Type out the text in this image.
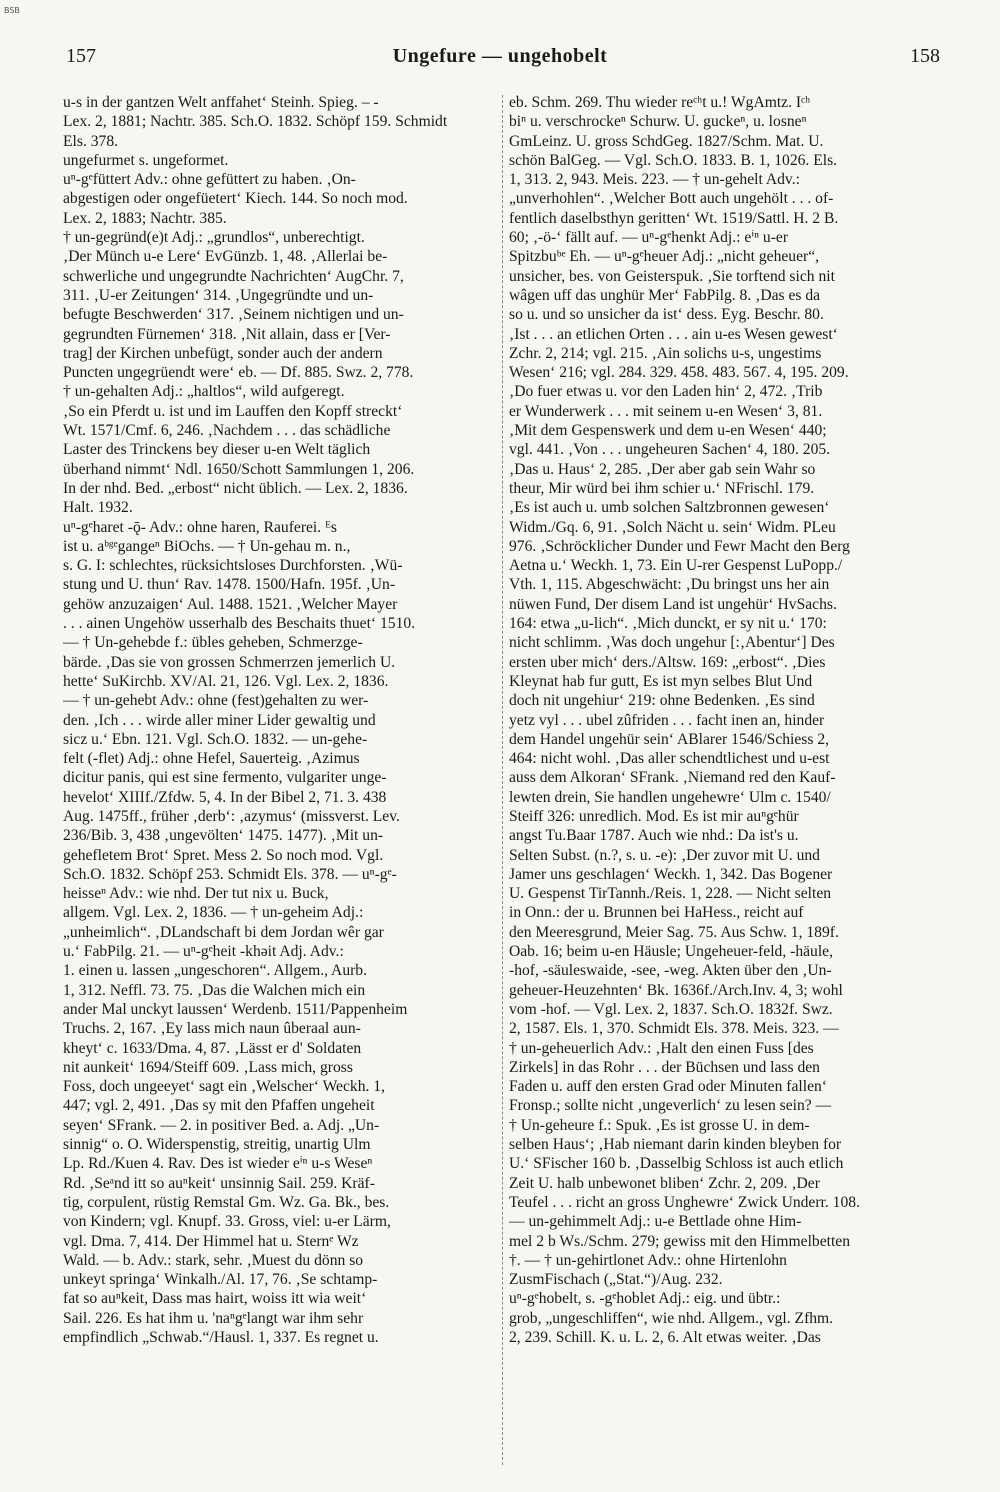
BSB
157	Ungefure — ungehobelt	158
u-s in der gantzen Welt anffahet‘ Steinh. Spieg. – -
Lex. 2, 1881; Nachtr. 385. Sch.O. 1832. Schöpf 159. Schmidt
Els. 378.
ungefurmet s. ungeformet.
uⁿ-gᵉfüttert Adv.: ohne gefüttert zu haben. ‚On-
abgestigen oder ongefüetert‘ Kiech. 144. So noch mod.
Lex. 2, 1883; Nachtr. 385.
† un-gegründ(e)t Adj.: „grundlos“, unberechtigt.
‚Der Münch u-e Lere‘ EvGünzb. 1, 48. ‚Allerlai be-
schwerliche und ungegrundte Nachrichten‘ AugChr. 7,
311. ‚U-er Zeitungen‘ 314. ‚Ungegründte und un-
befugte Beschwerden‘ 317. ‚Seinem nichtigen und un-
gegrundten Fürnemen‘ 318. ‚Nit allain, dass er [Ver-
trag] der Kirchen unbefügt, sonder auch der andern
Puncten ungegrüendt were‘ eb. — Df. 885. Swz. 2, 778.
† un-gehalten Adj.: „haltlos“, wild aufgeregt.
‚So ein Pferdt u. ist und im Lauffen den Kopff streckt‘
Wt. 1571/Cmf. 6, 246. ‚Nachdem . . . das schädliche
Laster des Trinckens bey dieser u-en Welt täglich
überhand nimmt‘ Ndl. 1650/Schott Sammlungen 1, 206.
In der nhd. Bed. „erbost“ nicht üblich. — Lex. 2, 1836.
Halt. 1932.
uⁿ-gᵉharet -ǭ- Adv.: ohne haren, Rauferei. ᴱs
ist u. aᵇᵍᵉgangeⁿ BiOchs. — † Un-gehau m. n.,
s. G. I: schlechtes, rücksichtsloses Durchforsten. ‚Wü-
stung und U. thun‘ Rav. 1478. 1500/Hafn. 195f. ‚Un-
gehöw anzuzaigen‘ Aul. 1488. 1521. ‚Welcher Mayer
. . . ainen Ungehöw usserhalb des Beschaits thuet‘ 1510.
— † Un-gehebde f.: übles geheben, Schmerzge-
bärde. ‚Das sie von grossen Schmerrzen jemerlich U.
hette‘ SuKirchb. XV/Al. 21, 126. Vgl. Lex. 2, 1836.
— † un-gehebt Adv.: ohne (fest)gehalten zu wer-
den. ‚Ich . . . wirde aller miner Lider gewaltig und
sicz u.‘ Ebn. 121. Vgl. Sch.O. 1832. — un-gehe-
felt (-flet) Adj.: ohne Hefel, Sauerteig. ‚Azimus
dicitur panis, qui est sine fermento, vulgariter unge-
hevelot‘ XIIIf./Zfdw. 5, 4. In der Bibel 2, 71. 3. 438
Aug. 1475ff., früher ‚derb‘: ‚azymus‘ (missverst. Lev.
236/Bib. 3, 438 ‚ungevölten‘ 1475. 1477). ‚Mit un-
gehefletem Brot‘ Spret. Mess 2. So noch mod. Vgl.
Sch.O. 1832. Schöpf 253. Schmidt Els. 378. — uⁿ-gᵉ-
heisseⁿ Adv.: wie nhd. Der tut nix u. Buck,
allgem. Vgl. Lex. 2, 1836. — † un-geheim Adj.:
„unheimlich“. ‚DLandschaft bi dem Jordan wêr gar
u.‘ FabPilg. 21. — uⁿ-gᵉheit -khəit Adj. Adv.:
1. einen u. lassen „ungeschoren“. Allgem., Aurb.
1, 312. Neffl. 73. 75. ‚Das die Walchen mich ein
ander Mal unckyt laussen‘ Werdenb. 1511/Pappenheim
Truchs. 2, 167. ‚Ey lass mich naun ûberaal aun-
kheyt‘ c. 1633/Dma. 4, 87. ‚Lässt er d' Soldaten
nit aunkeit‘ 1694/Steiff 609. ‚Lass mich, gross
Foss, doch ungeeyet‘ sagt ein ‚Welscher‘ Weckh. 1,
447; vgl. 2, 491. ‚Das sy mit den Pfaffen ungeheit
seyen‘ SFrank. — 2. in positiver Bed. a. Adj. „Un-
sinnig“ o. O. Widerspenstig, streitig, unartig Ulm
Lp. Rd./Kuen 4. Rav. Des ist wieder eⁱⁿ u-s Weseⁿ
Rd. ‚Seᵃnd itt so auⁿkeit‘ unsinnig Sail. 259. Kräf-
tig, corpulent, rüstig Remstal Gm. Wz. Ga. Bk., bes.
von Kindern; vgl. Knupf. 33. Gross, viel: u-er Lärm,
vgl. Dma. 7, 414. Der Himmel hat u. Sternᵉ Wz
Wald. — b. Adv.: stark, sehr. ‚Muest du dönn so
unkeyt springa‘ Winkalh./Al. 17, 76. ‚Se schtamp-
fat so auⁿkeit, Dass mas hairt, woiss itt wia weit‘
Sail. 226. Es hat ihm u. 'naⁿgᵉlangt war ihm sehr
empfindlich „Schwab.“/Hausl. 1, 337. Es regnet u.
eb. Schm. 269. Thu wieder reᶜʰt u.! WgAmtz. Iᶜʰ
biⁿ u. verschrockeⁿ Schurw. U. guckeⁿ, u. losneⁿ
GmLeinz. U. gross SchdGeg. 1827/Schm. Mat. U.
schön BalGeg. — Vgl. Sch.O. 1833. B. 1, 1026. Els.
1, 313. 2, 943. Meis. 223. — † un-gehelt Adv.:
„unverhohlen“. ‚Welcher Bott auch ungehölt . . . of-
fentlich daselbsthyn geritten‘ Wt. 1519/Sattl. H. 2 B.
60; ‚-ö-‘ fällt auf. — uⁿ-gᵉhenkt Adj.: eⁱⁿ u-er
Spitzbuᵇᵉ Eh. — uⁿ-gᵉheuer Adj.: „nicht geheuer“,
unsicher, bes. von Geisterspuk. ‚Sie torftend sich nit
wâgen uff das unghür Mer‘ FabPilg. 8. ‚Das es da
so u. und so unsicher da ist‘ dess. Eyg. Beschr. 80.
‚Ist . . . an etlichen Orten . . . ain u-es Wesen gewest‘
Zchr. 2, 214; vgl. 215. ‚Ain solichs u-s, ungestims
Wesen‘ 216; vgl. 284. 329. 458. 483. 567. 4, 195. 209.
‚Do fuer etwas u. vor den Laden hin‘ 2, 472. ‚Trib
er Wunderwerk . . . mit seinem u-en Wesen‘ 3, 81.
‚Mit dem Gespenswerk und dem u-en Wesen‘ 440;
vgl. 441. ‚Von . . . ungeheuren Sachen‘ 4, 180. 205.
‚Das u. Haus‘ 2, 285. ‚Der aber gab sein Wahr so
theur, Mir würd bei ihm schier u.‘ NFrischl. 179.
‚Es ist auch u. umb solchen Saltzbronnen gewesen‘
Widm./Gq. 6, 91. ‚Solch Nächt u. sein‘ Widm. PLeu
976. ‚Schröcklicher Dunder und Fewr Macht den Berg
Aetna u.‘ Weckh. 1, 73. Ein U-rer Gespenst LuPopp./
Vth. 1, 115. Abgeschwächt: ‚Du bringst uns her ain
nüwen Fund, Der disem Land ist ungehür‘ HvSachs.
164: etwa „u-lich“. ‚Mich dunckt, er sy nit u.‘ 170:
nicht schlimm. ‚Was doch ungehur [:‚Abentur‘] Des
ersten uber mich‘ ders./Altsw. 169: „erbost“. ‚Dies
Kleynat hab fur gutt, Es ist myn selbes Blut Und
doch nit ungehiur‘ 219: ohne Bedenken. ‚Es sind
yetz vyl . . . ubel zûfriden . . . facht inen an, hinder
dem Handel ungehür sein‘ ABlarer 1546/Schiess 2,
464: nicht wohl. ‚Das aller schendtlichest und u-est
auss dem Alkoran‘ SFrank. ‚Niemand red den Kauf-
lewten drein, Sie handlen ungehewre‘ Ulm c. 1540/
Steiff 326: unredlich. Mod. Es ist mir auⁿgᵉhür
angst Tu.Baar 1787. Auch wie nhd.: Da ist's u.
Selten Subst. (n.?, s. u. -e): ‚Der zuvor mit U. und
Jamer uns geschlagen‘ Weckh. 1, 342. Das Bogener
U. Gespenst TirTannh./Reis. 1, 228. — Nicht selten
in Onn.: der u. Brunnen bei HaHess., reicht auf
den Meeresgrund, Meier Sag. 75. Aus Schw. 1, 189f.
Oab. 16; beim u-en Häusle; Ungeheuer-feld, -häule,
-hof, -säuleswaide, -see, -weg. Akten über den ‚Un-
geheuer-Heuzehnten‘ Bk. 1636f./Arch.Inv. 4, 3; wohl
vom -hof. — Vgl. Lex. 2, 1837. Sch.O. 1832f. Swz.
2, 1587. Els. 1, 370. Schmidt Els. 378. Meis. 323. —
† un-geheuerlich Adv.: ‚Halt den einen Fuss [des
Zirkels] in das Rohr . . . der Büchsen und lass den
Faden u. auff den ersten Grad oder Minuten fallen‘
Fronsp.; sollte nicht ‚ungeverlich‘ zu lesen sein? —
† Un-geheure f.: Spuk. ‚Es ist grosse U. in dem-
selben Haus‘; ‚Hab niemant darin kinden bleyben for
U.‘ SFischer 160 b. ‚Dasselbig Schloss ist auch etlich
Zeit U. halb unbewonet bliben‘ Zchr. 2, 209. ‚Der
Teufel . . . richt an gross Unghewre‘ Zwick Underr. 108.
— un-gehimmelt Adj.: u-e Bettlade ohne Him-
mel 2 b Ws./Schm. 279; gewiss mit den Himmelbetten
†. — † un-gehirtlonet Adv.: ohne Hirtenlohn
ZusmFischach („Stat.“)/Aug. 232.
uⁿ-gᵉhobelt, s. -gᵉhoblet Adj.: eig. und übtr.:
grob, „ungeschliffen“, wie nhd. Allgem., vgl. Zfhm.
2, 239. Schill. K. u. L. 2, 6. Alt etwas weiter. ‚Das
